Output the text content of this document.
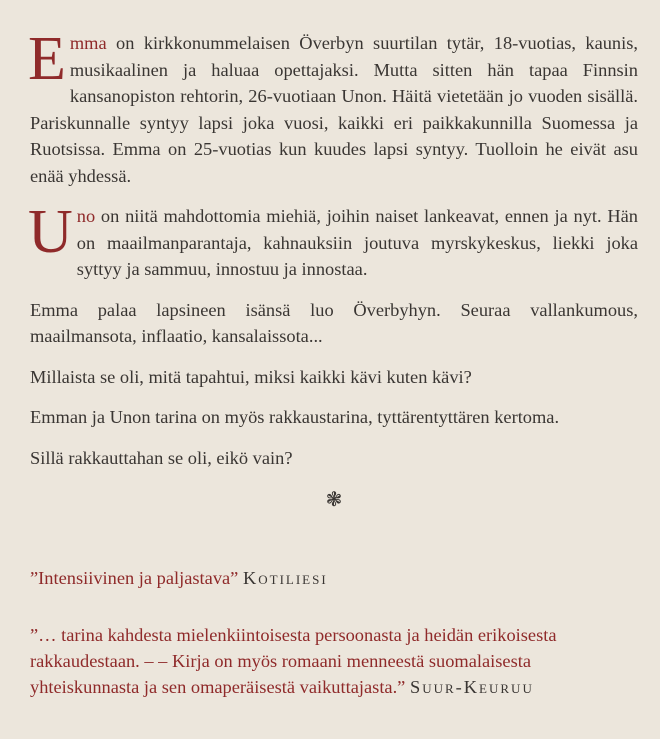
Emma on kirkkonummelaisen Överbyn suurtilan tytär, 18-vuotias, kaunis, musikaalinen ja haluaa opettajaksi. Mutta sitten hän tapaa Finnsin kansanopiston rehtorin, 26-vuotiaan Unon. Häitä vietetään jo vuoden sisällä. Pariskunnalle syntyy lapsi joka vuosi, kaikki eri paikkakunnilla Suomessa ja Ruotsissa. Emma on 25-vuotias kun kuudes lapsi syntyy. Tuolloin he eivät asu enää yhdessä.

Uno on niitä mahdottomia miehiä, joihin naiset lankeavat, ennen ja nyt. Hän on maailmanparantaja, kahnauksiin joutuva myrskykeskus, liekki joka syttyy ja sammuu, innostuu ja innostaa.

Emma palaa lapsineen isänsä luo Överbyhyn. Seuraa vallankumous, maailmansota, inflaatio, kansalaissota...

Millaista se oli, mitä tapahtui, miksi kaikki kävi kuten kävi?

Emman ja Unon tarina on myös rakkaustarina, tyttärentyttären kertoma.

Sillä rakkauttahan se oli, eikö vain?

❃
”Intensiivinen ja paljastava” Kotiliesi
”… tarina kahdesta mielenkiintoisesta persoonasta ja heidän erikoisesta rakkaudestaan. – – Kirja on myös romaani menneestä suomalaisesta yhteiskunnasta ja sen omaperäisestä vaikuttajasta.” Suur-Keuruu
